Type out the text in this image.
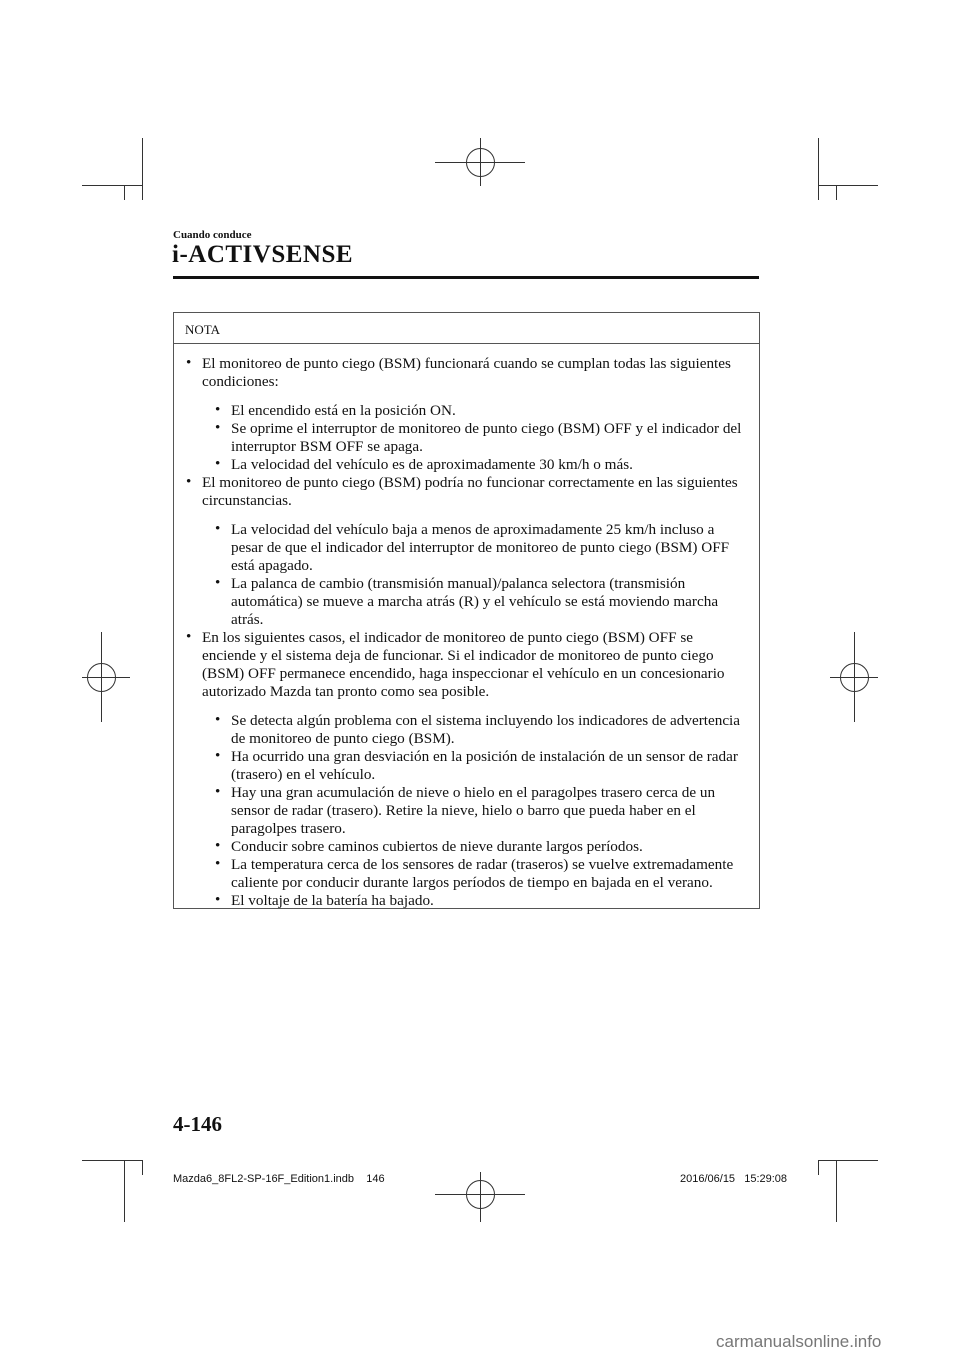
Cuando conduce
i-ACTIVSENSE
NOTA
• El monitoreo de punto ciego (BSM) funcionará cuando se cumplan todas las siguientes condiciones:
• El encendido está en la posición ON.
• Se oprime el interruptor de monitoreo de punto ciego (BSM) OFF y el indicador del interruptor BSM OFF se apaga.
• La velocidad del vehículo es de aproximadamente 30 km/h o más.
• El monitoreo de punto ciego (BSM) podría no funcionar correctamente en las siguientes circunstancias.
• La velocidad del vehículo baja a menos de aproximadamente 25 km/h incluso a pesar de que el indicador del interruptor de monitoreo de punto ciego (BSM) OFF está apagado.
• La palanca de cambio (transmisión manual)/palanca selectora (transmisión automática) se mueve a marcha atrás (R) y el vehículo se está moviendo marcha atrás.
• En los siguientes casos, el indicador de monitoreo de punto ciego (BSM) OFF se enciende y el sistema deja de funcionar. Si el indicador de monitoreo de punto ciego (BSM) OFF permanece encendido, haga inspeccionar el vehículo en un concesionario autorizado Mazda tan pronto como sea posible.
• Se detecta algún problema con el sistema incluyendo los indicadores de advertencia de monitoreo de punto ciego (BSM).
• Ha ocurrido una gran desviación en la posición de instalación de un sensor de radar (trasero) en el vehículo.
• Hay una gran acumulación de nieve o hielo en el paragolpes trasero cerca de un sensor de radar (trasero). Retire la nieve, hielo o barro que pueda haber en el paragolpes trasero.
• Conducir sobre caminos cubiertos de nieve durante largos períodos.
• La temperatura cerca de los sensores de radar (traseros) se vuelve extremadamente caliente por conducir durante largos períodos de tiempo en bajada en el verano.
• El voltaje de la batería ha bajado.
4-146
Mazda6_8FL2-SP-16F_Edition1.indb    146	2016/06/15   15:29:08
carmanualsonline.info
